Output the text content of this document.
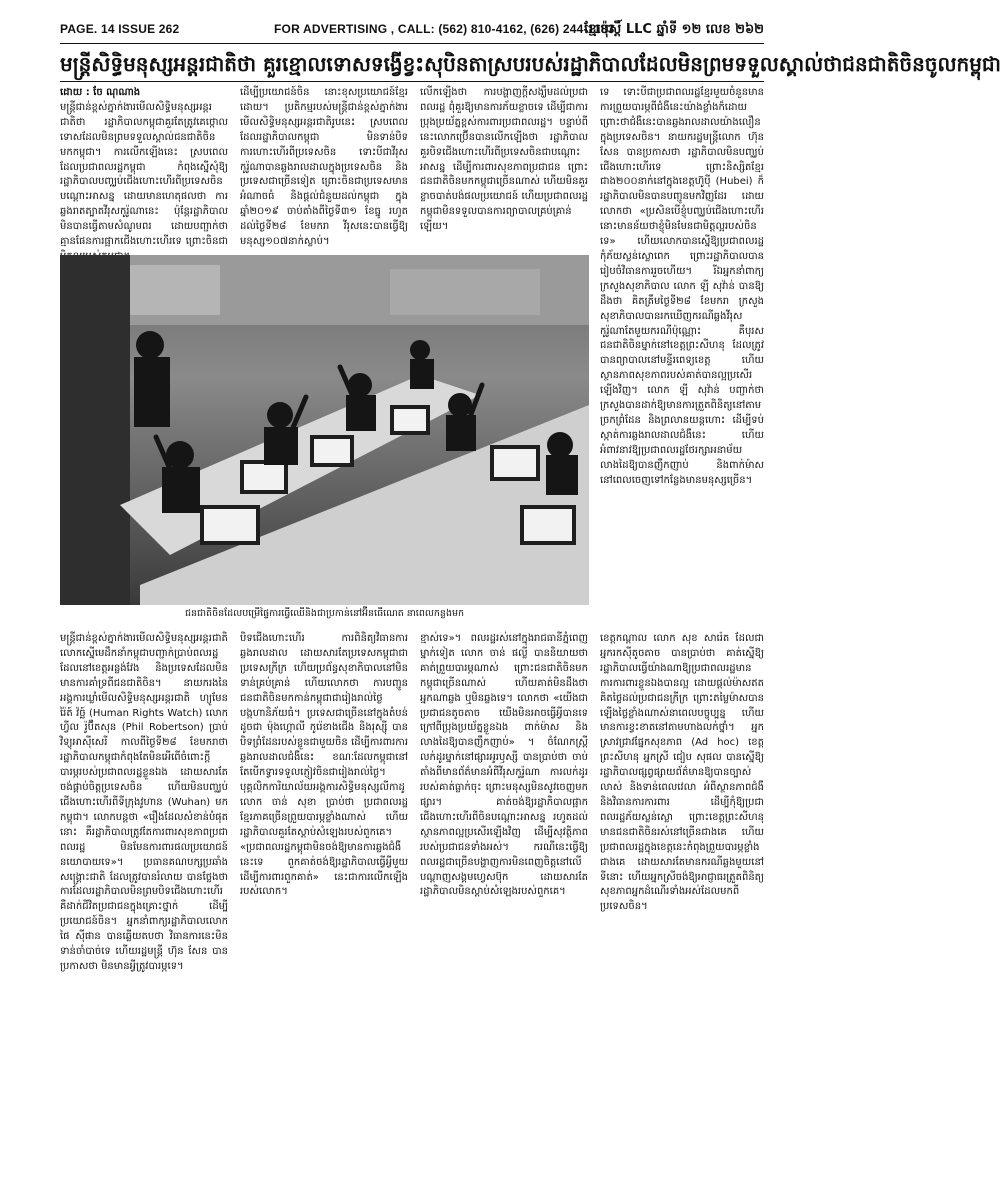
PAGE. 14 ISSUE 262	FOR ADVERTISING , CALL: (562) 810-4162, (626) 244-1183
ខ្មែរប៉ុស្តិ៍ LLC ឆ្នាំទី ១២ លេខ ២៦២
មន្ត្រីសិទ្ធិមនុស្សអន្តរជាតិថា គួរខ្មោលទោសទង្វើខ្វះសុបិនតាស្របរបស់រដ្ឋាភិបាលដែលមិនព្រមទទួលស្គាល់ថាជនជាតិចិនចូលកម្ពុជា

ដោយ : ចែ ណុណាង

មន្ត្រីជាន់ខ្ពស់ភ្នាក់ងារមើលសិទ្ធិមនុស្សអន្តរជាតិថា រដ្ឋាភិបាលកម្ពុជាគួរតែត្រូវគេថ្កោលទោសដែលមិនព្រមទទួលស្គាល់ជនជាតិចិន មកកម្ពុជា។ ការលើកឡើងនេះ ស្របពេលដែលប្រជាពលរដ្ឋកម្ពុជា កំពុងស្នើសុំឱ្យរដ្ឋាភិបាលបញ្ឈប់ជើងហោះហើរពីប្រទេសចិនបណ្តោះអាសន្ន ដោយមានហេតុផលថា ការឆ្លងរាតត្បាតវីរុសកូរ៉ូណានេះ ប៉ុន្តែរដ្ឋាភិបាលមិនបានធ្វើតាមសំណូមពរ ដោយបញ្ជាក់ថា គ្មានផែនការផ្អាកជើងហោះហើរទេ ព្រោះចិនជា

ដើម្បីប្រយោជន៍ចិន នោះខុសប្រយោជន៍ខ្មែរ ដោយ។ ប្រតិកម្មរបស់មន្ត្រីជាន់ខ្ពស់ភ្នាក់ងារមើលសិទ្ធិមនុស្សអន្តរជាតិរូបនេះ ស្របពេលដែលរដ្ឋាភិបាលកម្ពុជា មិនទាន់បិទការហោះហើរពីប្រទេសចិន ទោះបីជាវីរុសកូរ៉ូណាបានឆ្លងរាលដាលក្នុងប្រទេសចិន និងប្រទេសជាច្រើនទៀត ព្រោះចិនជាប្រទេសមានអំណាចធំ និងផ្តល់ជំនួយដល់កម្ពុជា ក្នុងឆ្នាំ២០១៩ ចាប់តាំងពីថ្ងៃទី៣១ ខែធ្នូ រហូតដល់ថ្ងៃទី២៨ ខែមករា វីរុសនេះបានធ្វើឱ្យមនុស្ស១០៧នាក់ស្លាប់។

លើកឡើងថា ការបង្ហាញក្តីសង្ឃឹមដល់ប្រជាពលរដ្ឋ ពុំគួរឱ្យមានការភ័យខ្លាចទេ ដើម្បីជាការប្រុងប្រយ័ត្នខ្ពស់ការពារប្រជាពលរដ្ឋ។ បន្ទាប់ពីនេះលោកប្រ៊ើនបានលើកឡើងថា រដ្ឋាភិបាលគួរបិទជើងហោះហើរពីប្រទេសចិនជាបណ្តោះអាសន្ន ដើម្បីការពារសុខភាពប្រជាជន ព្រោះជនជាតិចិនមកកម្ពុជាច្រើនណាស់ ហើយមិនគួរខ្លាចបាត់បង់ផលប្រយោជន៍ ហើយប្រជាពលរដ្ឋកម្ពុជាមិនទទួលបានការព្យាបាលគ្រប់គ្រាន់ឡើយ។

ទេ ទោះបីជាប្រជាពលរដ្ឋខ្មែរមួយចំនួនមានការព្រួយបារម្ភពីជំងឺនេះយ៉ាងខ្លាំងក៏ដោយ ព្រោះថាជំងឺនេះបានឆ្លងរាលដាលយ៉ាងលឿនក្នុងប្រទេសចិន។ នាយករដ្ឋមន្ត្រីលោក ហ៊ុន សែន បានប្រកាសថា រដ្ឋាភិបាលមិនបញ្ឈប់ជើងហោះហើរទេ ព្រោះនិស្សិតខ្មែរជាង២០០នាក់នៅក្នុងខេត្តហ៊ូប៉ី (Hubei) ក៏រដ្ឋាភិបាលមិនបានបញ្ជូនមកវិញដែរ ដោយលោកថា «ប្រសិនបើខ្ញុំបញ្ឈប់ជើងហោះហើរ នោះមានន័យថាខ្ញុំមិនមែនជាមិត្តល្អរបស់ចិនទេ» ហើយលោកបានស្នើឱ្យប្រជាពលរដ្ឋកុំភ័យស្លន់ស្លោពេក ព្រោះរដ្ឋាភិបាលបានរៀបចំវិធានការរួចហើយ។ រីឯអ្នកនាំពាក្យក្រសួងសុខាភិបាល លោក ឡី សុវ៉ាន់ បានឱ្យដឹងថា គិតត្រឹមថ្ងៃទី២៨ ខែមករា ក្រសួងសុខាភិបាលបានរកឃើញករណីឆ្លងវីរុសកូរ៉ូណាតែមួយករណីប៉ុណ្ណោះ គឺបុរសជនជាតិចិនម្នាក់នៅខេត្តព្រះសីហនុ ដែលត្រូវបានព្យាបាលនៅមន្ទីរពេទ្យខេត្ត ហើយស្ថានភាពសុខភាពរបស់គាត់បានល្អប្រសើរឡើងវិញ។ លោក ឡី សុវ៉ាន់ បញ្ជាក់ថា ក្រសួងបានដាក់ឱ្យមានការត្រួតពិនិត្យនៅតាមច្រកព្រំដែន និងព្រលានយន្តហោះ ដើម្បីទប់ស្កាត់ការឆ្លងរាលដាលជំងឺនេះ ហើយអំពាវនាវឱ្យប្រជាពលរដ្ឋថែរក្សាអនាម័យ លាងដៃឱ្យបានញឹកញាប់ និងពាក់ម៉ាសនៅពេលចេញទៅកន្លែងមានមនុស្សច្រើន។

ជនជាតិចិនដែលបម្រើផ្ទៃការធ្វើឈើនិងជាប្រកាន់នៅអ៊ីនធើណេត នាពេលកន្លងមក

មន្ត្រីជាន់ខ្ពស់ភ្នាក់ងារមើលសិទ្ធិមនុស្សអន្តរជាតិ លោកស្នើមេដឹកនាំកម្ពុជាបញ្ជាក់ប្រាប់ពលរដ្ឋ ដែលនៅខេត្តអន្លង់វែង និងប្រទេសដែលមិនមានការគាំទ្រពីជនជាតិចិន។ នាយករងនៃអង្គការឃ្លាំមើលសិទ្ធិមនុស្សអន្តរជាតិ ហ្យូមែន រ៉ៃត៍ វ៉ច្ឆ៍ (Human Rights Watch) លោក ហ្វីល រ៉ូប៊ឺតសុន (Phil Robertson) ប្រាប់វិទ្យុអាស៊ីសេរី កាលពីថ្ងៃទី២៨ ខែមករាថា រដ្ឋាភិបាលកម្ពុជាកំពុងតែមិនអើពើចំពោះក្តីបារម្ភរបស់ប្រជាពលរដ្ឋខ្លួនឯង ដោយសារតែចង់ផ្គាប់ចិត្តប្រទេសចិន ហើយមិនបញ្ឈប់ជើងហោះហើរពីទីក្រុងវូហាន (Wuhan) មកកម្ពុជា។ លោកបន្តថា «រឿងដែលសំខាន់បំផុតនោះ គឺរដ្ឋាភិបាលត្រូវតែការពារសុខភាពប្រជាពលរដ្ឋ មិនមែនការពារផលប្រយោជន៍នយោបាយទេ»។ ប្រធានគណបក្សប្រឆាំងសង្គ្រោះជាតិ ដែលត្រូវបានរំលាយ បានថ្លែងថា ការដែលរដ្ឋាភិបាលមិនព្រមបិទជើងហោះហើរ គឺដាក់ជីវិតប្រជាជនក្នុងគ្រោះថ្នាក់ ដើម្បីប្រយោជន៍ចិន។ អ្នកនាំពាក្យរដ្ឋាភិបាលលោក ផៃ ស៊ីផាន បានឆ្លើយតបថា វិធានការនេះមិនទាន់ចាំបាច់ទេ ហើយរដ្ឋមន្ត្រី ហ៊ុន សែន បានប្រកាសថា មិនមានអ្វីត្រូវបារម្ភទេ។

បិទជើងហោះហើរ ការពិនិត្យវិធានការឆ្លងរាលដាល ដោយសារតែប្រទេសកម្ពុជាជាប្រទេសក្រីក្រ ហើយប្រព័ន្ធសុខាភិបាលនៅមិនទាន់គ្រប់គ្រាន់ ហើយលោកថា ការបញ្ជូនជនជាតិចិនមកកាន់កម្ពុជាជារៀងរាល់ថ្ងៃ បង្កហានិភ័យធំ។ ប្រទេសជាច្រើននៅក្នុងតំបន់ដូចជា ម៉ុងហ្គោលី កូរ៉េខាងជើង និងរុស្ស៊ី បានបិទព្រំដែនរបស់ខ្លួនជាមួយចិន ដើម្បីការពារការឆ្លងរាលដាលជំងឺនេះ ខណៈដែលកម្ពុជានៅតែបើកទ្វារទទួលភ្ញៀវចិនជារៀងរាល់ថ្ងៃ។ បុគ្គលិកការិយាល័យអង្គការសិទ្ធិមនុស្សលីកាដូ លោក ចាន់ សុខា ប្រាប់ថា ប្រជាពលរដ្ឋខ្មែរភាគច្រើនព្រួយបារម្ភខ្លាំងណាស់ ហើយរដ្ឋាភិបាលគួរតែស្តាប់សំឡេងរបស់ពួកគេ។ «ប្រជាពលរដ្ឋកម្ពុជាមិនចង់ឱ្យមានការឆ្លងជំងឺនេះទេ ពួកគាត់ចង់ឱ្យរដ្ឋាភិបាលធ្វើអ្វីមួយ ដើម្បីការពារពួកគាត់» នេះជាការលើកឡើងរបស់លោក។

ខ្មាស់ទេ»។ ពលរដ្ឋរស់នៅក្នុងរាជធានីភ្នំពេញម្នាក់ទៀត លោក ចាន់ ផល្លី បាននិយាយថា គាត់ព្រួយបារម្ភណាស់ ព្រោះជនជាតិចិនមកកម្ពុជាច្រើនណាស់ ហើយគាត់មិនដឹងថាអ្នកណាឆ្លង ឬមិនឆ្លងទេ។ លោកថា «យើងជាប្រជាជនតូចតាច យើងមិនអាចធ្វើអ្វីបានទេ ក្រៅពីប្រុងប្រយ័ត្នខ្លួនឯង ពាក់ម៉ាស និងលាងដៃឱ្យបានញឹកញាប់» ។ ចំណែកស្ត្រីលក់ដូរម្នាក់នៅផ្សារអូរឫស្សី បានប្រាប់ថា ចាប់តាំងពីមានព័ត៌មានអំពីវីរុសកូរ៉ូណា ការលក់ដូររបស់គាត់ធ្លាក់ចុះ ព្រោះមនុស្សមិនសូវចេញមកផ្សារ។ គាត់ចង់ឱ្យរដ្ឋាភិបាលផ្អាកជើងហោះហើរពីចិនបណ្តោះអាសន្ន រហូតដល់ស្ថានភាពល្អប្រសើរឡើងវិញ ដើម្បីសុវត្ថិភាពរបស់ប្រជាជនទាំងអស់។ ករណីនេះធ្វើឱ្យពលរដ្ឋជាច្រើនបង្ហាញការមិនពេញចិត្តនៅលើបណ្តាញសង្គមហ្វេសប៊ុក ដោយសារតែរដ្ឋាភិបាលមិនស្តាប់សំឡេងរបស់ពួកគេ។

ខេត្តកណ្តាល លោក សុខ សារ៉េត ដែលជាអ្នករកស៊ីតូចតាច បានប្រាប់ថា គាត់ស្នើឱ្យរដ្ឋាភិបាលធ្វើយ៉ាងណាឱ្យប្រជាពលរដ្ឋមានការការពារខ្លួនឯងបានល្អ ដោយផ្តល់ម៉ាសឥតគិតថ្លៃដល់ប្រជាជនក្រីក្រ ព្រោះតម្លៃម៉ាសបានឡើងថ្លៃខ្លាំងណាស់នាពេលបច្ចុប្បន្ន ហើយមានការខ្វះខាតនៅតាមហាងលក់ថ្នាំ។ អ្នកស្រាវជ្រាវផ្នែកសុខភាព (Ad hoc) ខេត្តព្រះសីហនុ អ្នកស្រី ជៀប សុផល បានស្នើឱ្យរដ្ឋាភិបាលផ្សព្វផ្សាយព័ត៌មានឱ្យបានច្បាស់លាស់ និងទាន់ពេលវេលា អំពីស្ថានភាពជំងឺ និងវិធានការការពារ ដើម្បីកុំឱ្យប្រជាពលរដ្ឋភ័យស្លន់ស្លោ ព្រោះខេត្តព្រះសីហនុមានជនជាតិចិនរស់នៅច្រើនជាងគេ ហើយប្រជាពលរដ្ឋក្នុងខេត្តនេះកំពុងព្រួយបារម្ភខ្លាំងជាងគេ ដោយសារតែមានករណីឆ្លងមួយនៅទីនោះ ហើយអ្នកស្រីចង់ឱ្យអាជ្ញាធរត្រួតពិនិត្យសុខភាពអ្នកដំណើរទាំងអស់ដែលមកពីប្រទេសចិន។
